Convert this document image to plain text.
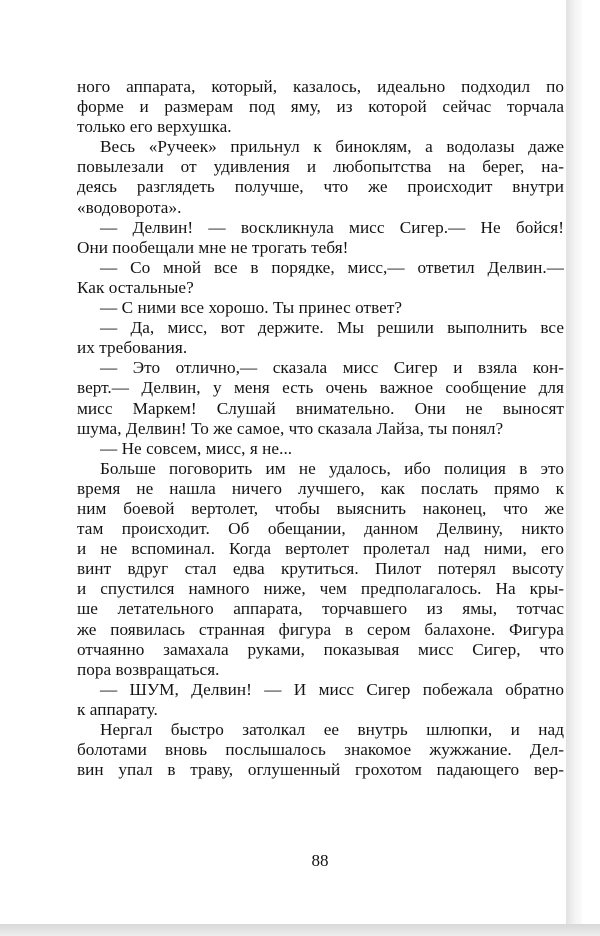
ного аппарата, который, казалось, идеально подходил по
форме и размерам под яму, из которой сейчас торчала
только его верхушка.
Весь «Ручеек» прильнул к биноклям, а водолазы даже
повылезали от удивления и любопытства на берег, на-
деясь разглядеть получше, что же происходит внутри
«водоворота».
— Делвин! — воскликнула мисс Сигер.— Не бойся!
Они пообещали мне не трогать тебя!
— Со мной все в порядке, мисс,— ответил Делвин.—
Как остальные?
— С ними все хорошо. Ты принес ответ?
— Да, мисс, вот держите. Мы решили выполнить все
их требования.
— Это отлично,— сказала мисс Сигер и взяла кон-
верт.— Делвин, у меня есть очень важное сообщение для
мисс Маркем! Слушай внимательно. Они не выносят
шума, Делвин! То же самое, что сказала Лайза, ты понял?
— Не совсем, мисс, я не...
Больше поговорить им не удалось, ибо полиция в это
время не нашла ничего лучшего, как послать прямо к
ним боевой вертолет, чтобы выяснить наконец, что же
там происходит. Об обещании, данном Делвину, никто
и не вспоминал. Когда вертолет пролетал над ними, его
винт вдруг стал едва крутиться. Пилот потерял высоту
и спустился намного ниже, чем предполагалось. На кры-
ше летательного аппарата, торчавшего из ямы, тотчас
же появилась странная фигура в сером балахоне. Фигура
отчаянно замахала руками, показывая мисс Сигер, что
пора возвращаться.
— ШУМ, Делвин! — И мисс Сигер побежала обратно
к аппарату.
Нергал быстро затолкал ее внутрь шлюпки, и над
болотами вновь послышалось знакомое жужжание. Дел-
вин упал в траву, оглушенный грохотом падающего вер-
88
